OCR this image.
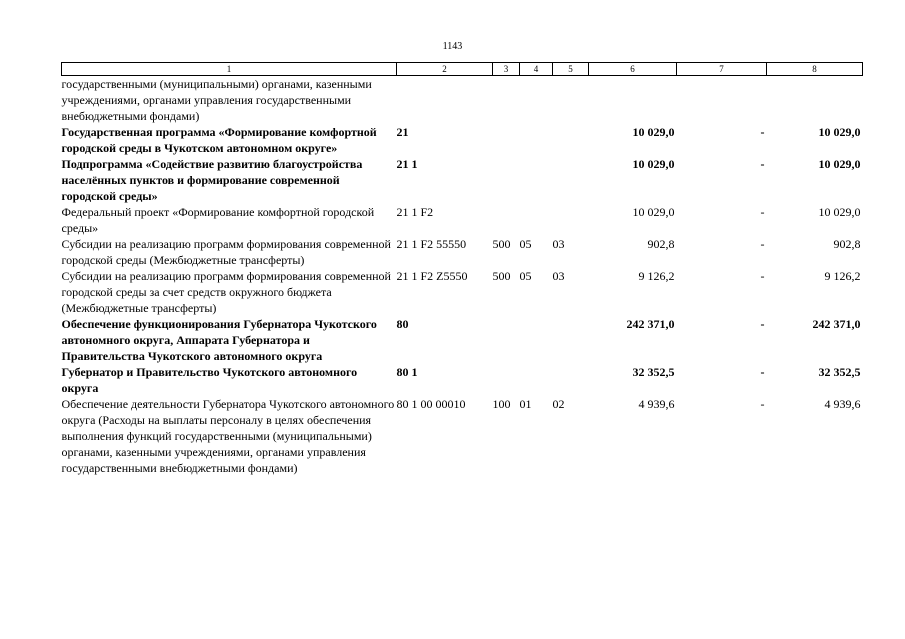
1143
1	2	3	4	5	6	7	8
государственными (муниципальными) органами, казенными учреждениями, органами управления государственными внебюджетными фондами)							
Государственная программа «Формирование комфортной городской среды в Чукотском автономном округе»	21				10 029,0	-	10 029,0
Подпрограмма «Содействие развитию благоустройства населённых пунктов и формирование современной городской среды»	21 1				10 029,0	-	10 029,0
Федеральный проект «Формирование комфортной городской среды»	21 1 F2				10 029,0	-	10 029,0
Субсидии на реализацию программ формирования современной городской среды (Межбюджетные трансферты)	21 1 F2 55550	500	05	03	902,8	-	902,8
Субсидии на реализацию программ формирования современной городской среды за счет средств окружного бюджета (Межбюджетные трансферты)	21 1 F2 Z5550	500	05	03	9 126,2	-	9 126,2
Обеспечение функционирования Губернатора Чукотского автономного округа, Аппарата Губернатора и Правительства Чукотского автономного округа	80				242 371,0	-	242 371,0
Губернатор и Правительство Чукотского автономного округа	80 1				32 352,5	-	32 352,5
Обеспечение деятельности Губернатора Чукотского автономного округа (Расходы на выплаты персоналу в целях обеспечения выполнения функций государственными (муниципальными) органами, казенными учреждениями, органами управления государственными внебюджетными фондами)	80 1 00 00010	100	01	02	4 939,6	-	4 939,6
